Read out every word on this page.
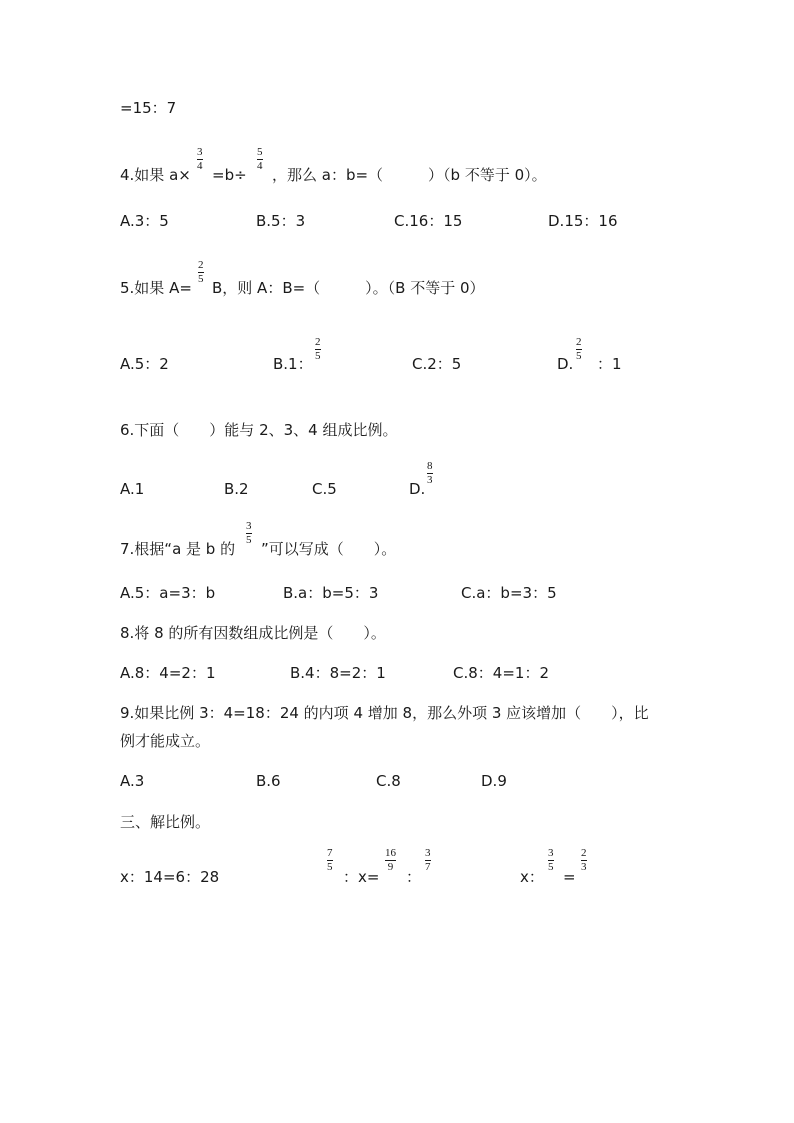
=15：7
4.如果 a×
3
4 =b÷
5
4 ，那么 a：b=（　　　）（b 不等于 0）。
A.3：5	B.5：3	C.16：15	D.15：16
5.如果 A=
2
5 B，则 A：B=（　　　）。（B 不等于 0）
A.5：2	B.1：
2
5	C.2：5	D.
2
5 ：1
6.下面（　　）能与 2、3、4 组成比例。
A.1	B.2	C.5	D.
8
3
7.根据“a 是 b 的
3
5 ”可以写成（　　）。
A.5：a=3：b	B.a：b=5：3	C.a：b=3：5
8.将 8 的所有因数组成比例是（　　）。
A.8：4=2：1	B.4：8=2：1	C.8：4=1：2
9.如果比例 3：4=18：24 的内项 4 增加 8，那么外项 3 应该增加（　　），比
例才能成立。
A.3	B.6	C.8	D.9
三、解比例。
x：14=6：28
7
5
：x=
16
9
：
3
7
x：
3
5
=
2
3
